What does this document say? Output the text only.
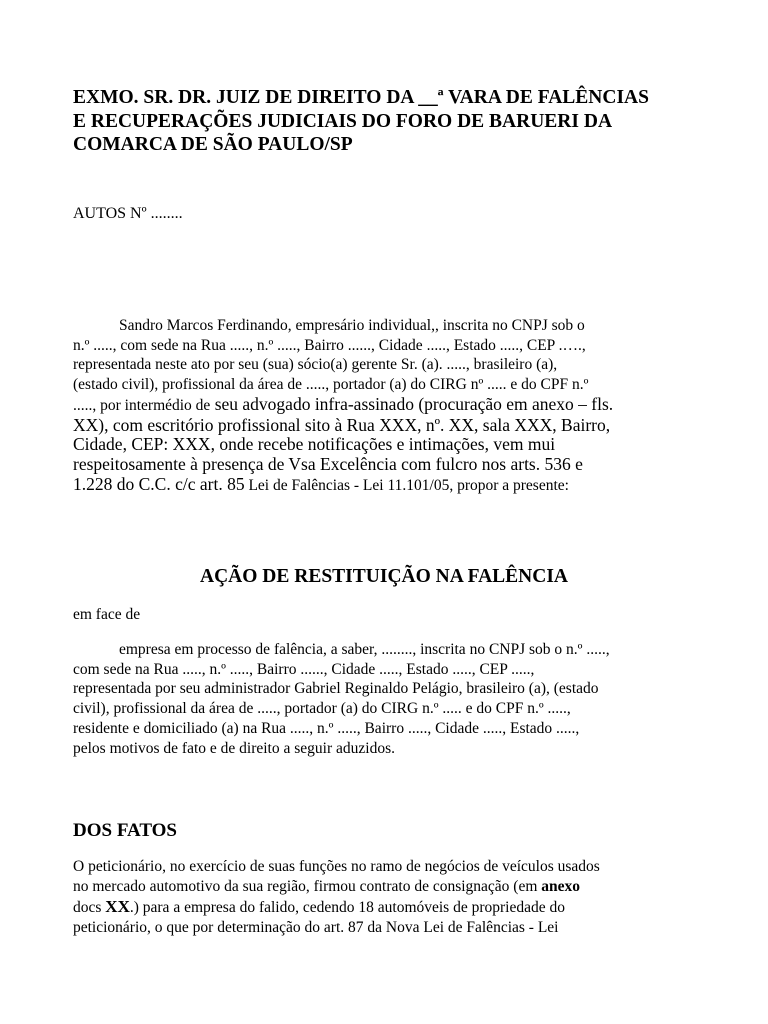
EXMO. SR. DR. JUIZ DE DIREITO DA __ª VARA DE FALÊNCIAS

E RECUPERAÇÕES JUDICIAIS DO FORO DE BARUERI DA

COMARCA DE SÃO PAULO/SP

AUTOS Nº ........

Sandro Marcos Ferdinando, empresário individual,, inscrita no CNPJ sob o

n.º ....., com sede na Rua ....., n.º ....., Bairro ......, Cidade ....., Estado ....., CEP .….,

representada neste ato por seu (sua) sócio(a) gerente Sr. (a). ....., brasileiro (a),

(estado civil), profissional da área de ....., portador (a) do CIRG nº ..... e do CPF n.º

....., por intermédio de seu advogado infra-assinado (procuração em anexo – fls.

XX), com escritório profissional sito à Rua XXX, nº. XX, sala XXX, Bairro,

Cidade, CEP: XXX, onde recebe notificações e intimações, vem mui

respeitosamente à presença de Vsa Excelência com fulcro nos arts. 536 e

1.228 do C.C. c/c art. 85 Lei de Falências - Lei 11.101/05, propor a presente:

AÇÃO DE RESTITUIÇÃO NA FALÊNCIA
em face de

empresa em processo de falência, a saber, ........, inscrita no CNPJ sob o n.º .....,

com sede na Rua ....., n.º ....., Bairro ......, Cidade ....., Estado ....., CEP .....,

representada por seu administrador Gabriel Reginaldo Pelágio, brasileiro (a), (estado

civil), profissional da área de ....., portador (a) do CIRG n.º ..... e do CPF n.º .....,

residente e domiciliado (a) na Rua ....., n.º ....., Bairro ....., Cidade ....., Estado .....,

pelos motivos de fato e de direito a seguir aduzidos.

DOS FATOS

O peticionário, no exercício de suas funções no ramo de negócios de veículos usados

no mercado automotivo da sua região, firmou contrato de consignação (em anexo

docs XX.) para a empresa do falido, cedendo 18 automóveis de propriedade do

peticionário, o que por determinação do art. 87 da Nova Lei de Falências - Lei
